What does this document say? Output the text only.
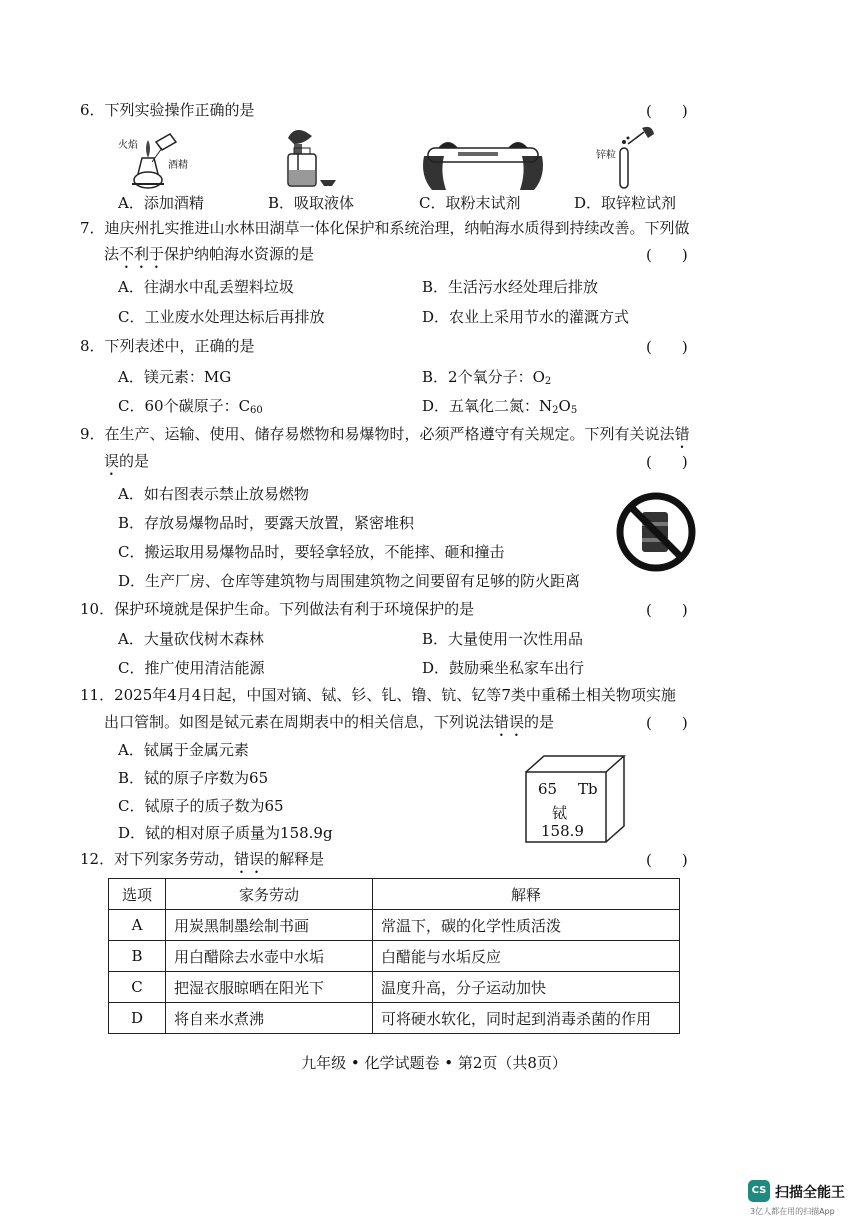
6．下列实验操作正确的是	(　　)
火焰
酒精
锌粒
A．添加酒精	B．吸取液体	C．取粉末试剂	D．取锌粒试剂
7．迪庆州扎实推进山水林田湖草一体化保护和系统治理，纳帕海水质得到持续改善。下列做
法不利于保护纳帕海水资源的是	(　　)
A．往湖水中乱丢塑料垃圾	B．生活污水经处理后排放
C．工业废水处理达标后再排放	D．农业上采用节水的灌溉方式
8．下列表述中，正确的是	(　　)
A．镁元素：MG	B．2个氧分子：$O_2$
C．60个碳原子：$C_{60}$	D．五氧化二氮：$N_2O_5$
9．在生产、运输、使用、储存易燃物和易爆物时，必须严格遵守有关规定。下列有关说法错
误的是	(　　)
A．如右图表示禁止放易燃物
B．存放易爆物品时，要露天放置，紧密堆积
C．搬运取用易爆物品时，要轻拿轻放，不能摔、砸和撞击
D．生产厂房、仓库等建筑物与周围建筑物之间要留有足够的防火距离
10．保护环境就是保护生命。下列做法有利于环境保护的是	(　　)
A．大量砍伐树木森林	B．大量使用一次性用品
C．推广使用清洁能源	D．鼓励乘坐私家车出行
11．2025年4月4日起，中国对镝、铽、钐、钆、镥、钪、钇等7类中重稀土相关物项实施
出口管制。如图是铽元素在周期表中的相关信息，下列说法错误的是	(　　)
A．铽属于金属元素
B．铽的原子序数为65
C．铽原子的质子数为65
D．铽的相对原子质量为158.9g
65 Tb
铽
158.9
12．对下列家务劳动，错误的解释是	(　　)
选项	家务劳动	解释
A	用炭黑制墨绘制书画	常温下，碳的化学性质活泼
B	用白醋除去水壶中水垢	白醋能与水垢反应
C	把湿衣服晾晒在阳光下	温度升高，分子运动加快
D	将自来水煮沸	可将硬水软化，同时起到消毒杀菌的作用
九年级 • 化学试题卷 • 第2页（共8页）
CS 扫描全能王
3亿人都在用的扫描App
